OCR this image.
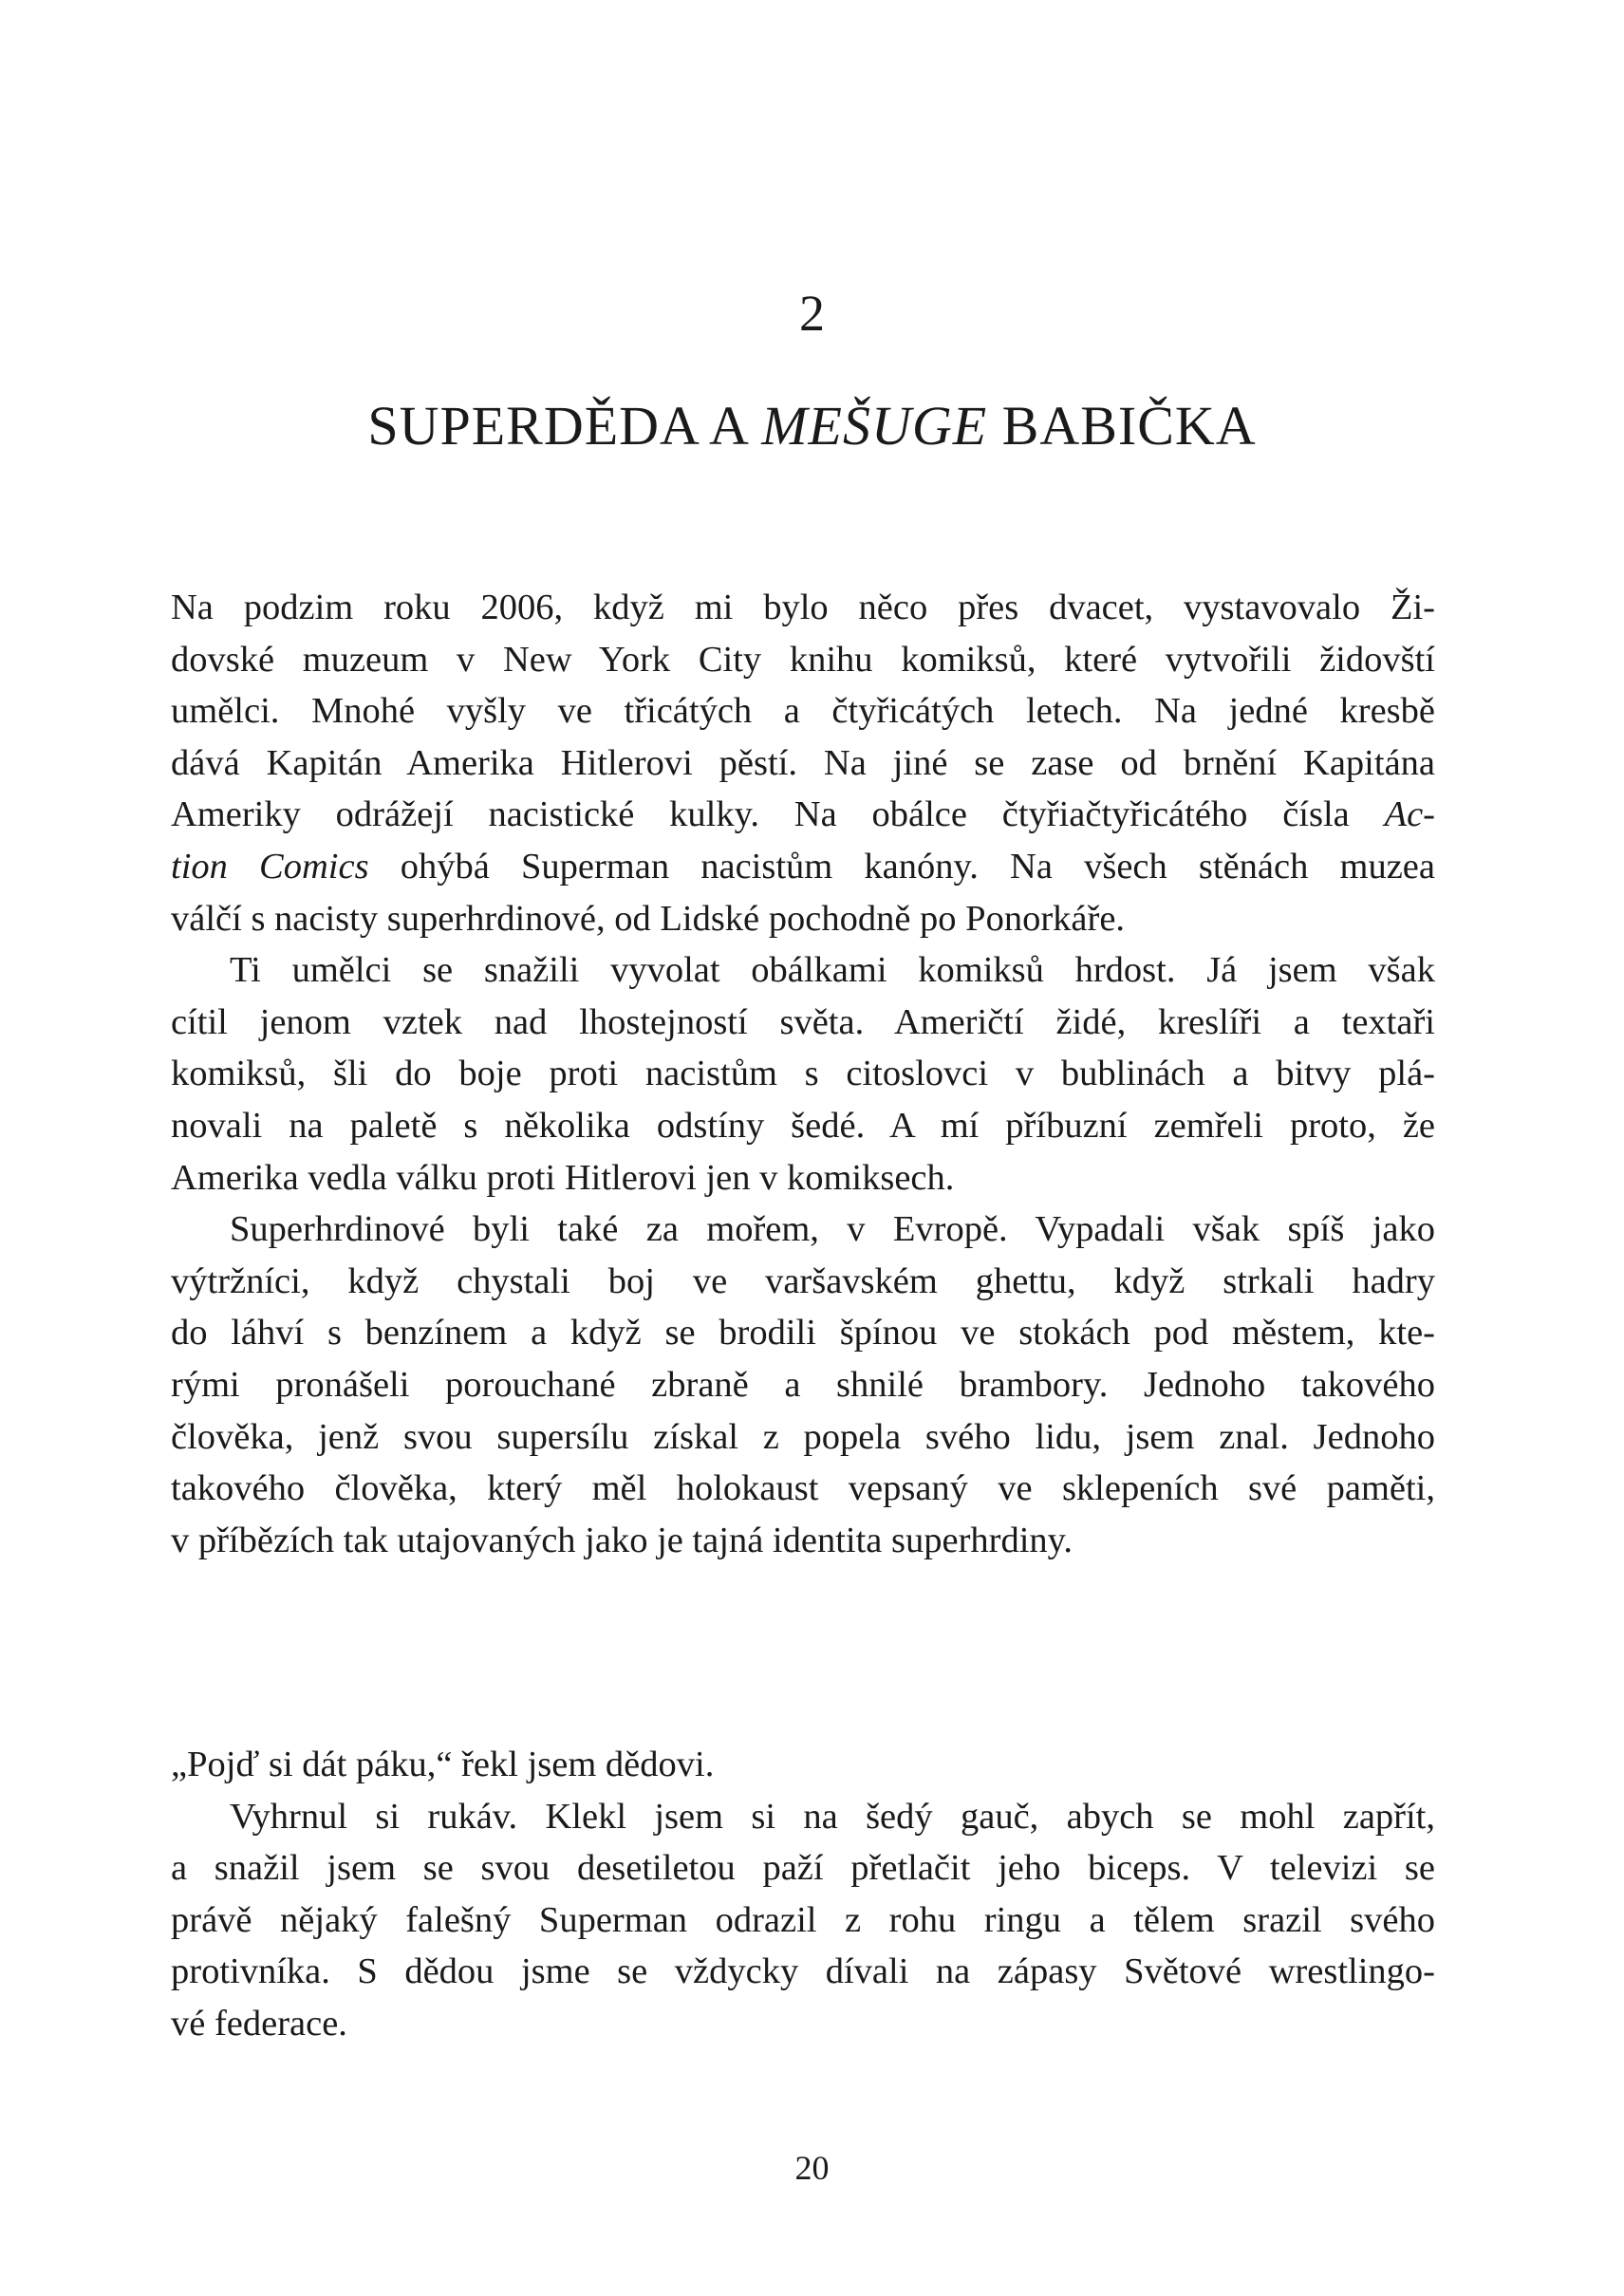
2
SUPERDĚDA A MEŠUGE BABIČKA
Na podzim roku 2006, když mi bylo něco přes dvacet, vystavovalo Ži-
dovské muzeum v New York City knihu komiksů, které vytvořili židovští
umělci. Mnohé vyšly ve třicátých a čtyřicátých letech. Na jedné kresbě
dává Kapitán Amerika Hitlerovi pěstí. Na jiné se zase od brnění Kapitána
Ameriky odrážejí nacistické kulky. Na obálce čtyřiačtyřicátého čísla Ac-
tion Comics ohýbá Superman nacistům kanóny. Na všech stěnách muzea
válčí s nacisty superhrdinové, od Lidské pochodně po Ponorkáře.
Ti umělci se snažili vyvolat obálkami komiksů hrdost. Já jsem však
cítil jenom vztek nad lhostejností světa. Američtí židé, kreslíři a textaři
komiksů, šli do boje proti nacistům s citoslovci v bublinách a bitvy plá-
novali na paletě s několika odstíny šedé. A mí příbuzní zemřeli proto, že
Amerika vedla válku proti Hitlerovi jen v komiksech.
Superhrdinové byli také za mořem, v Evropě. Vypadali však spíš jako
výtržníci, když chystali boj ve varšavském ghettu, když strkali hadry
do láhví s benzínem a když se brodili špínou ve stokách pod městem, kte-
rými pronášeli porouchané zbraně a shnilé brambory. Jednoho takového
člověka, jenž svou supersílu získal z popela svého lidu, jsem znal. Jednoho
takového člověka, který měl holokaust vepsaný ve sklepeních své paměti,
v příbězích tak utajovaných jako je tajná identita superhrdiny.
„Pojď si dát páku,“ řekl jsem dědovi.
Vyhrnul si rukáv. Klekl jsem si na šedý gauč, abych se mohl zapřít,
a snažil jsem se svou desetiletou paží přetlačit jeho biceps. V televizi se
právě nějaký falešný Superman odrazil z rohu ringu a tělem srazil svého
protivníka. S dědou jsme se vždycky dívali na zápasy Světové wrestlingo-
vé federace.
20
